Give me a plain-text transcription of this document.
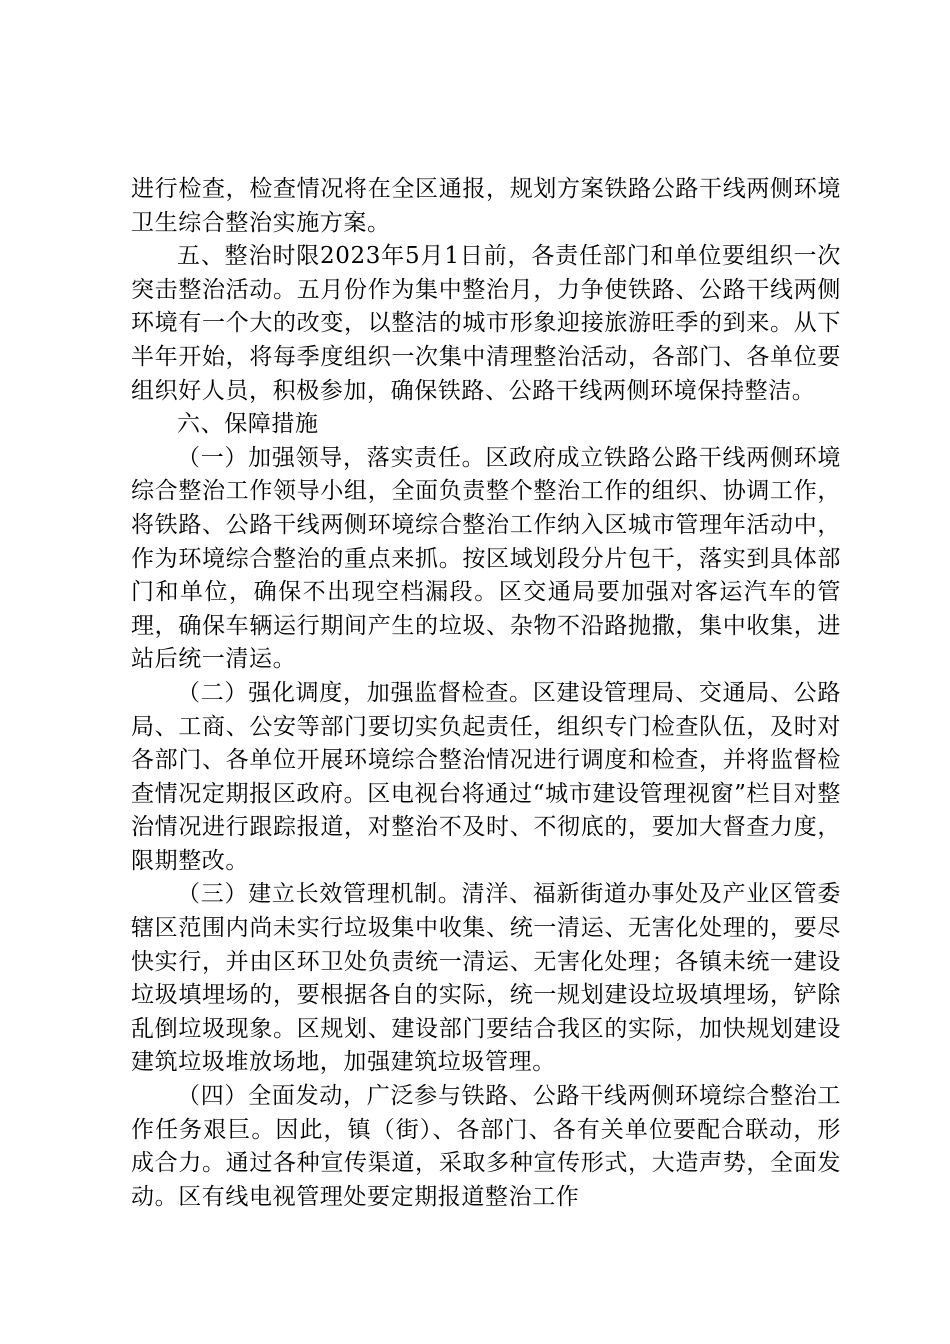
进行检查，检查情况将在全区通报，规划方案铁路公路干线两侧环境卫生综合整治实施方案。

五、整治时限2023年5月1日前，各责任部门和单位要组织一次突击整治活动。五月份作为集中整治月，力争使铁路、公路干线两侧环境有一个大的改变，以整洁的城市形象迎接旅游旺季的到来。从下半年开始，将每季度组织一次集中清理整治活动，各部门、各单位要组织好人员，积极参加，确保铁路、公路干线两侧环境保持整洁。

六、保障措施

（一）加强领导，落实责任。区政府成立铁路公路干线两侧环境综合整治工作领导小组，全面负责整个整治工作的组织、协调工作，将铁路、公路干线两侧环境综合整治工作纳入区城市管理年活动中，作为环境综合整治的重点来抓。按区域划段分片包干，落实到具体部门和单位，确保不出现空档漏段。区交通局要加强对客运汽车的管理，确保车辆运行期间产生的垃圾、杂物不沿路抛撒，集中收集，进站后统一清运。

（二）强化调度，加强监督检查。区建设管理局、交通局、公路局、工商、公安等部门要切实负起责任，组织专门检查队伍，及时对各部门、各单位开展环境综合整治情况进行调度和检查，并将监督检查情况定期报区政府。区电视台将通过“城市建设管理视窗”栏目对整治情况进行跟踪报道，对整治不及时、不彻底的，要加大督查力度，限期整改。

（三）建立长效管理机制。清洋、福新街道办事处及产业区管委辖区范围内尚未实行垃圾集中收集、统一清运、无害化处理的，要尽快实行，并由区环卫处负责统一清运、无害化处理；各镇未统一建设垃圾填埋场的，要根据各自的实际，统一规划建设垃圾填埋场，铲除乱倒垃圾现象。区规划、建设部门要结合我区的实际，加快规划建设建筑垃圾堆放场地，加强建筑垃圾管理。

（四）全面发动，广泛参与铁路、公路干线两侧环境综合整治工作任务艰巨。因此，镇（街）、各部门、各有关单位要配合联动，形成合力。通过各种宣传渠道，采取多种宣传形式，大造声势，全面发动。区有线电视管理处要定期报道整治工作
